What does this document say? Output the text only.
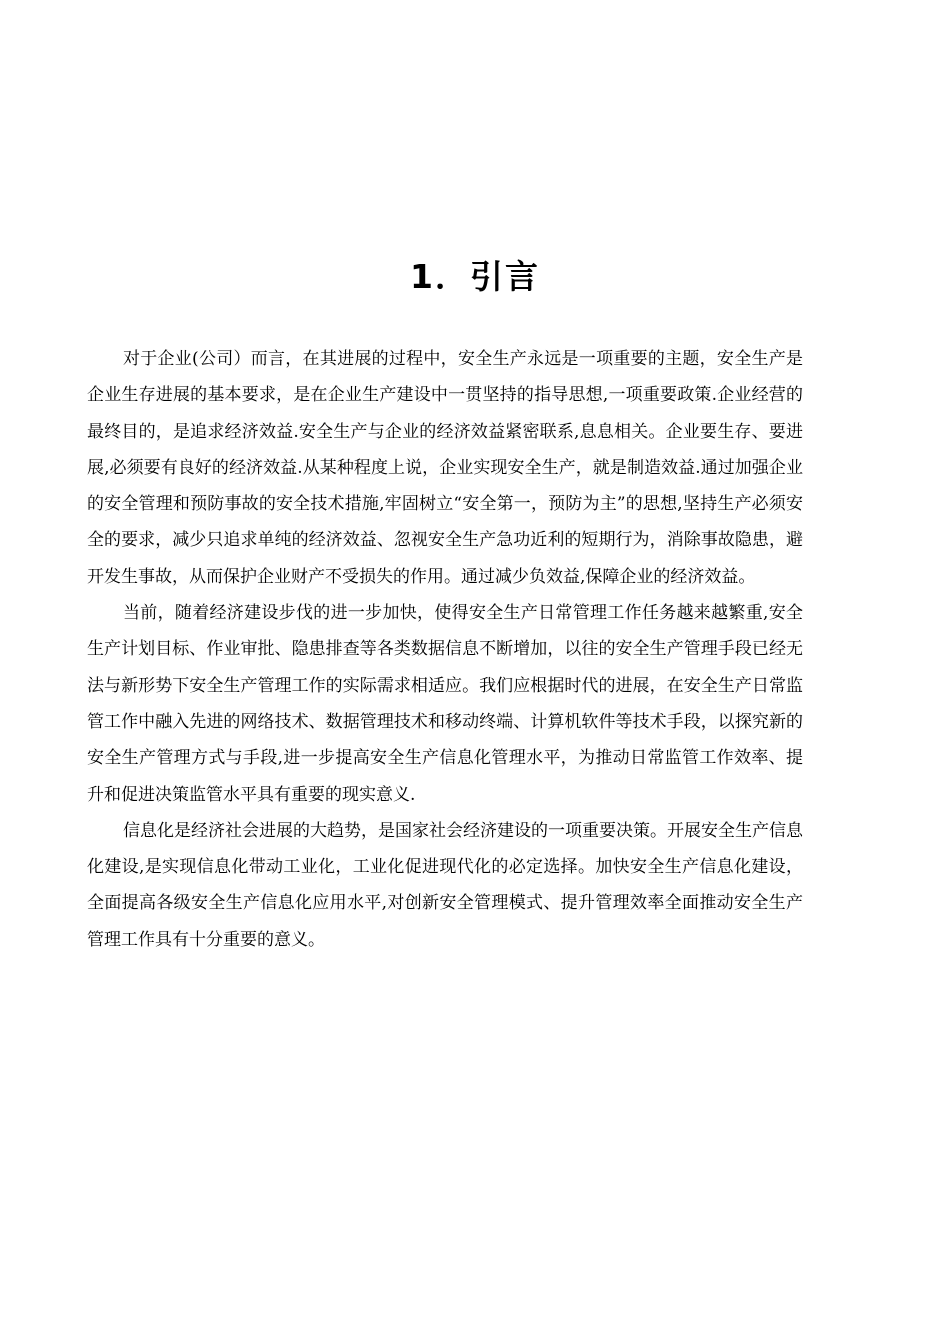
1．引言

对于企业(公司）而言，在其进展的过程中，安全生产永远是一项重要的主题，安全生产是企业生存进展的基本要求，是在企业生产建设中一贯坚持的指导思想,一项重要政策.企业经营的最终目的，是追求经济效益.安全生产与企业的经济效益紧密联系,息息相关。企业要生存、要进展,必须要有良好的经济效益.从某种程度上说，企业实现安全生产，就是制造效益.通过加强企业的安全管理和预防事故的安全技术措施,牢固树立“安全第一，预防为主”的思想,坚持生产必须安全的要求，减少只追求单纯的经济效益、忽视安全生产急功近利的短期行为，消除事故隐患，避开发生事故，从而保护企业财产不受损失的作用。通过减少负效益,保障企业的经济效益。

当前，随着经济建设步伐的进一步加快，使得安全生产日常管理工作任务越来越繁重,安全生产计划目标、作业审批、隐患排查等各类数据信息不断增加，以往的安全生产管理手段已经无法与新形势下安全生产管理工作的实际需求相适应。我们应根据时代的进展，在安全生产日常监管工作中融入先进的网络技术、数据管理技术和移动终端、计算机软件等技术手段，以探究新的安全生产管理方式与手段,进一步提高安全生产信息化管理水平，为推动日常监管工作效率、提升和促进决策监管水平具有重要的现实意义.

信息化是经济社会进展的大趋势，是国家社会经济建设的一项重要决策。开展安全生产信息化建设,是实现信息化带动工业化，工业化促进现代化的必定选择。加快安全生产信息化建设，全面提高各级安全生产信息化应用水平,对创新安全管理模式、提升管理效率全面推动安全生产管理工作具有十分重要的意义。
